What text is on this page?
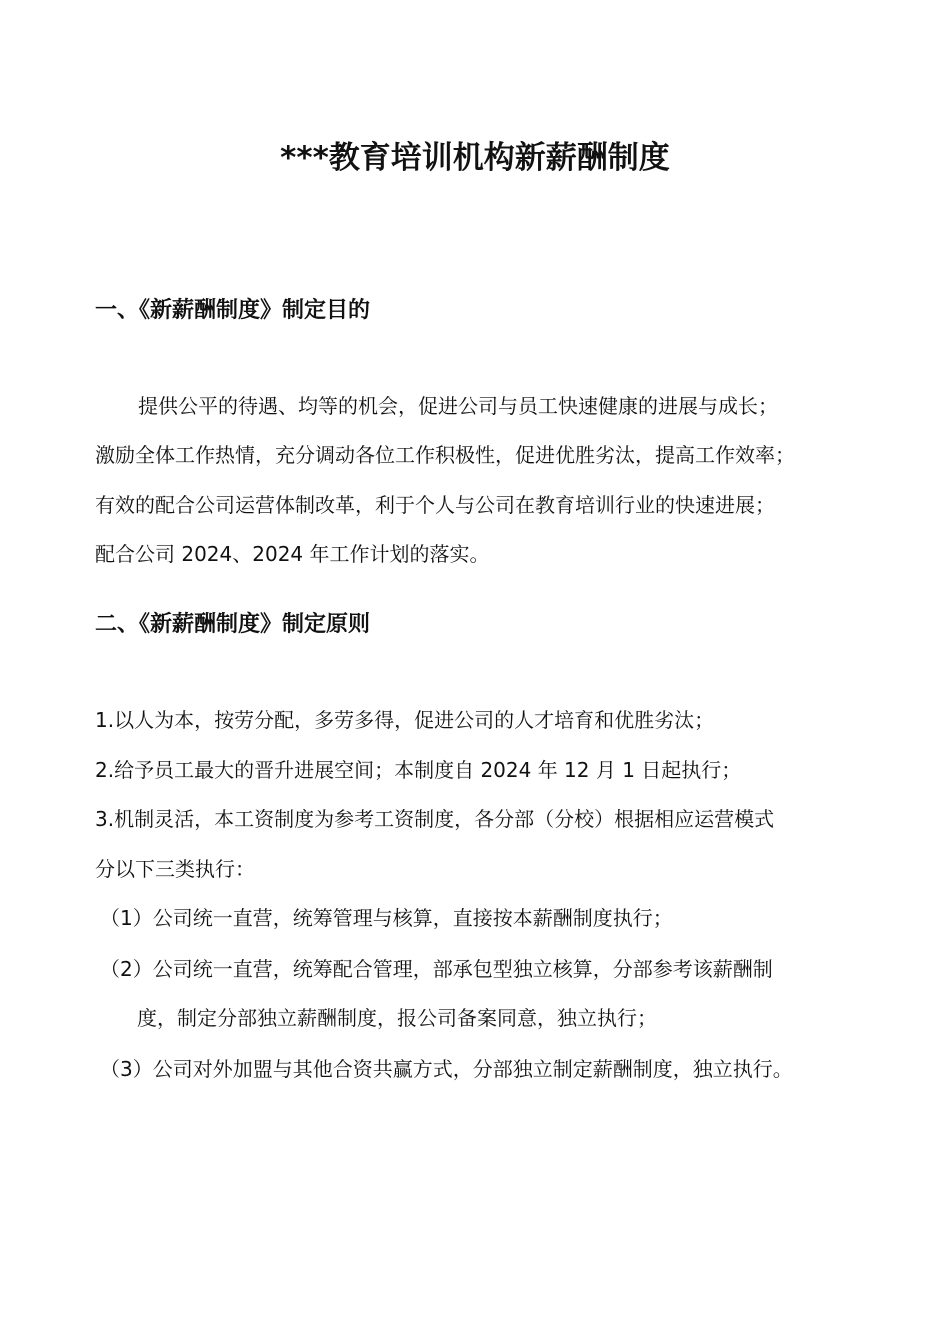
***教育培训机构新薪酬制度
一、《新薪酬制度》制定目的
提供公平的待遇、均等的机会，促进公司与员工快速健康的进展与成长；
激励全体工作热情，充分调动各位工作积极性，促进优胜劣汰，提高工作效率；
有效的配合公司运营体制改革，利于个人与公司在教育培训行业的快速进展；
配合公司 2024、2024 年工作计划的落实。
二、《新薪酬制度》制定原则
1.以人为本，按劳分配，多劳多得，促进公司的人才培育和优胜劣汰；
2.给予员工最大的晋升进展空间；本制度自 2024 年 12 月 1 日起执行；
3.机制灵活，本工资制度为参考工资制度，各分部（分校）根据相应运营模式
分以下三类执行：
（1）公司统一直营，统筹管理与核算，直接按本薪酬制度执行；
（2）公司统一直营，统筹配合管理，部承包型独立核算，分部参考该薪酬制
度，制定分部独立薪酬制度，报公司备案同意，独立执行；
（3）公司对外加盟与其他合资共赢方式，分部独立制定薪酬制度，独立执行。
